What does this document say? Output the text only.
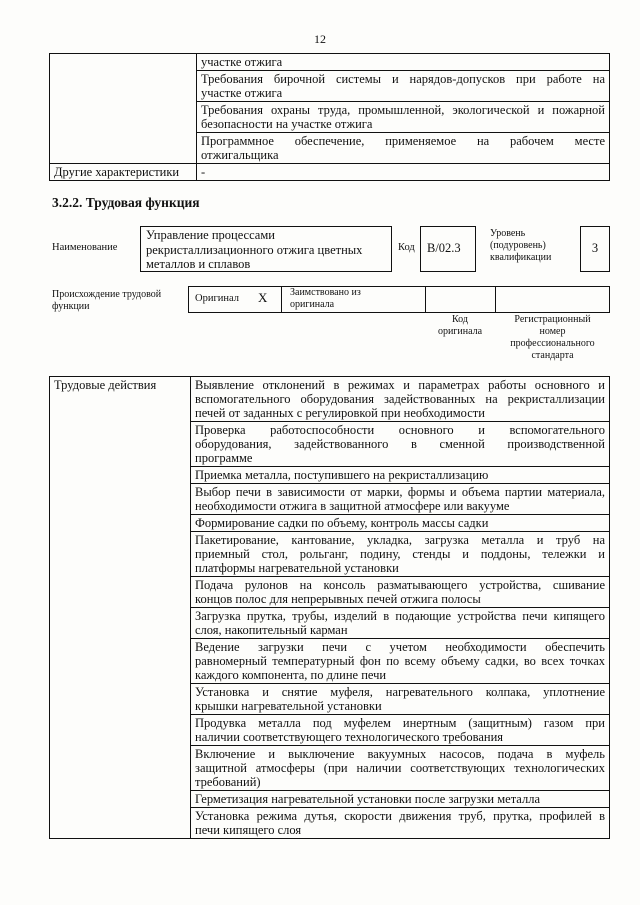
12

	участке отжига

	Требования бирочной системы и нарядов-допусков при работе на
участке отжига

	Требования охраны труда, промышленной, экологической и пожарной
безопасности на участке отжига

	Программное обеспечение, применяемое на рабочем месте
отжигальщика

Другие характеристики	-
3.2.2. Трудовая функция
Наименование
Управление процессами
рекристаллизационного отжига цветных
металлов и сплавов
Код B/02.3
Уровень
(подуровень)
квалификации
3
Происхождение трудовой
функции
Оригинал X Заимствовано из
оригинала
Код
оригинала
Регистрационный
номер
профессионального
стандарта
Трудовые действия	Выявление отклонений в режимах и параметрах работы основного и
вспомогательного оборудования задействованных на рекристаллизации
печей от заданных с регулировкой при необходимости

Проверка работоспособности основного и вспомогательного
оборудования, задействованного в сменной производственной
программе

Приемка металла, поступившего на рекристаллизацию

Выбор печи в зависимости от марки, формы и объема партии материала,
необходимости отжига в защитной атмосфере или вакууме

Формирование садки по объему, контроль массы садки

Пакетирование, кантование, укладка, загрузка металла и труб на
приемный стол, рольганг, подину, стенды и поддоны, тележки и
платформы нагревательной установки

Подача рулонов на консоль разматывающего устройства, сшивание
концов полос для непрерывных печей отжига полосы

Загрузка прутка, трубы, изделий в подающие устройства печи кипящего
слоя, накопительный карман

Ведение загрузки печи с учетом необходимости обеспечить
равномерный температурный фон по всему объему садки, во всех точках
каждого компонента, по длине печи

Установка и снятие муфеля, нагревательного колпака, уплотнение
крышки нагревательной установки

Продувка металла под муфелем инертным (защитным) газом при
наличии соответствующего технологического требования

Включение и выключение вакуумных насосов, подача в муфель
защитной атмосферы (при наличии соответствующих технологических
требований)

Герметизация нагревательной установки после загрузки металла

Установка режима дутья, скорости движения труб, прутка, профилей в
печи кипящего слоя
